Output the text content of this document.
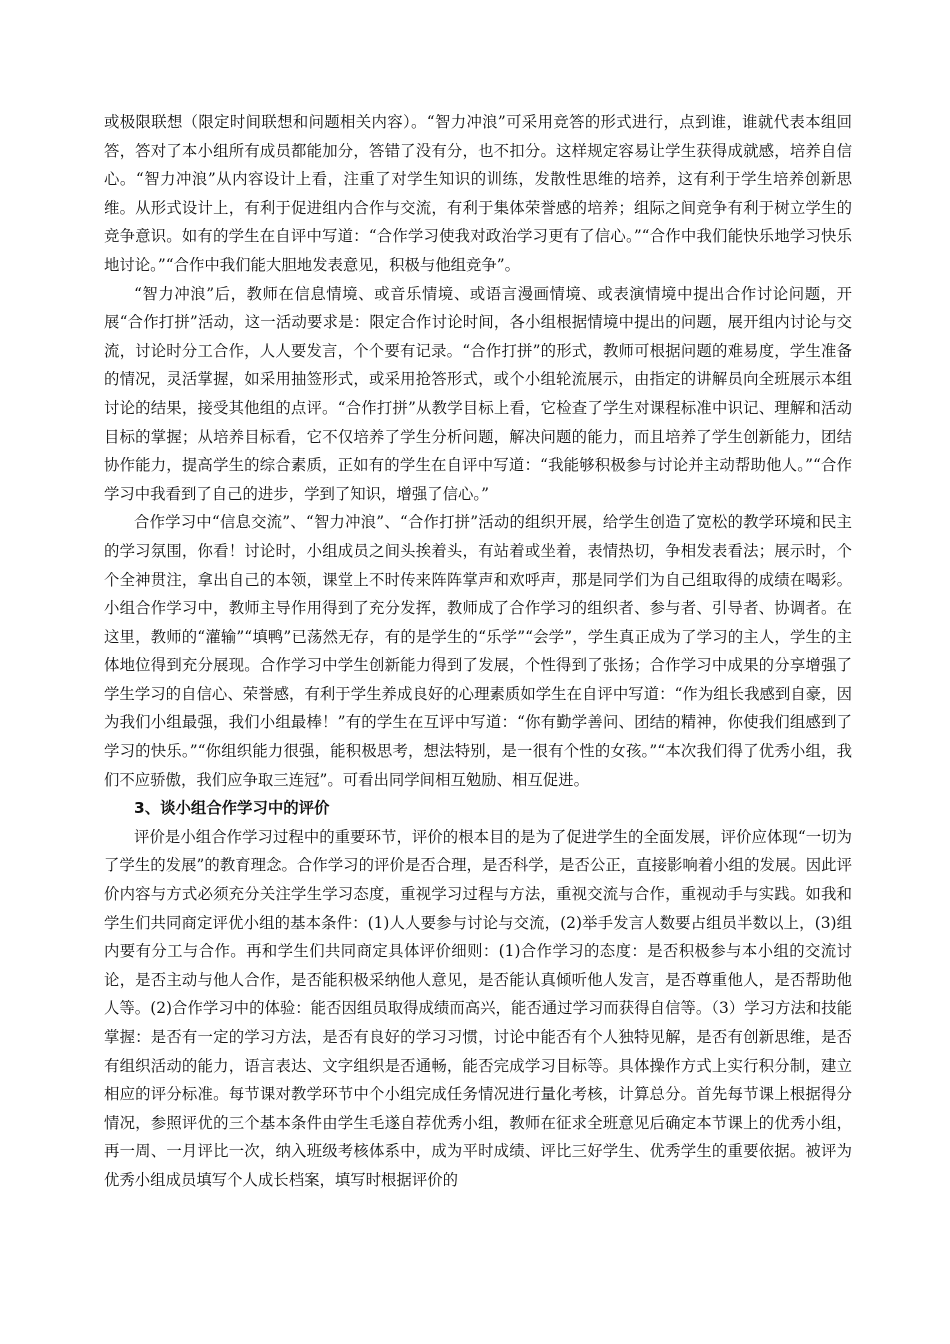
或极限联想（限定时间联想和问题相关内容）。“智力冲浪”可采用竞答的形式进行，点到谁，谁就代表本组回答，答对了本小组所有成员都能加分，答错了没有分，也不扣分。这样规定容易让学生获得成就感，培养自信心。“智力冲浪”从内容设计上看，注重了对学生知识的训练，发散性思维的培养，这有利于学生培养创新思维。从形式设计上，有利于促进组内合作与交流，有利于集体荣誉感的培养；组际之间竞争有利于树立学生的竞争意识。如有的学生在自评中写道：“合作学习使我对政治学习更有了信心。”“合作中我们能快乐地学习快乐地讨论。”“合作中我们能大胆地发表意见，积极与他组竞争”。

“智力冲浪”后，教师在信息情境、或音乐情境、或语言漫画情境、或表演情境中提出合作讨论问题，开展“合作打拼”活动，这一活动要求是：限定合作讨论时间，各小组根据情境中提出的问题，展开组内讨论与交流，讨论时分工合作，人人要发言，个个要有记录。“合作打拼”的形式，教师可根据问题的难易度，学生准备的情况，灵活掌握，如采用抽签形式，或采用抢答形式，或个小组轮流展示，由指定的讲解员向全班展示本组讨论的结果，接受其他组的点评。“合作打拼”从教学目标上看，它检查了学生对课程标准中识记、理解和活动目标的掌握；从培养目标看，它不仅培养了学生分析问题，解决问题的能力，而且培养了学生创新能力，团结协作能力，提高学生的综合素质，正如有的学生在自评中写道：“我能够积极参与讨论并主动帮助他人。”“合作学习中我看到了自己的进步，学到了知识，增强了信心。”

合作学习中“信息交流”、“智力冲浪”、“合作打拼”活动的组织开展，给学生创造了宽松的教学环境和民主的学习氛围，你看！讨论时，小组成员之间头挨着头，有站着或坐着，表情热切，争相发表看法；展示时，个个全神贯注，拿出自己的本领，课堂上不时传来阵阵掌声和欢呼声，那是同学们为自己组取得的成绩在喝彩。小组合作学习中，教师主导作用得到了充分发挥，教师成了合作学习的组织者、参与者、引导者、协调者。在这里，教师的“灌输”“填鸭”已荡然无存，有的是学生的“乐学”“会学”，学生真正成为了学习的主人，学生的主体地位得到充分展现。合作学习中学生创新能力得到了发展，个性得到了张扬；合作学习中成果的分享增强了学生学习的自信心、荣誉感，有利于学生养成良好的心理素质如学生在自评中写道：“作为组长我感到自豪，因为我们小组最强，我们小组最棒！”有的学生在互评中写道：“你有勤学善问、团结的精神，你使我们组感到了学习的快乐。”“你组织能力很强，能积极思考，想法特别，是一很有个性的女孩。”“本次我们得了优秀小组，我们不应骄傲，我们应争取三连冠”。可看出同学间相互勉励、相互促进。

3、谈小组合作学习中的评价

评价是小组合作学习过程中的重要环节，评价的根本目的是为了促进学生的全面发展，评价应体现“一切为了学生的发展”的教育理念。合作学习的评价是否合理，是否科学，是否公正，直接影响着小组的发展。因此评价内容与方式必须充分关注学生学习态度，重视学习过程与方法，重视交流与合作，重视动手与实践。如我和学生们共同商定评优小组的基本条件：(1)人人要参与讨论与交流，(2)举手发言人数要占组员半数以上，(3)组内要有分工与合作。再和学生们共同商定具体评价细则：(1)合作学习的态度：是否积极参与本小组的交流讨论，是否主动与他人合作，是否能积极采纳他人意见，是否能认真倾听他人发言，是否尊重他人，是否帮助他人等。(2)合作学习中的体验：能否因组员取得成绩而高兴，能否通过学习而获得自信等。（3）学习方法和技能掌握：是否有一定的学习方法，是否有良好的学习习惯，讨论中能否有个人独特见解，是否有创新思维，是否有组织活动的能力，语言表达、文字组织是否通畅，能否完成学习目标等。具体操作方式上实行积分制，建立相应的评分标准。每节课对教学环节中个小组完成任务情况进行量化考核，计算总分。首先每节课上根据得分情况，参照评优的三个基本条件由学生毛遂自荐优秀小组，教师在征求全班意见后确定本节课上的优秀小组，再一周、一月评比一次，纳入班级考核体系中，成为平时成绩、评比三好学生、优秀学生的重要依据。被评为优秀小组成员填写个人成长档案，填写时根据评价的
